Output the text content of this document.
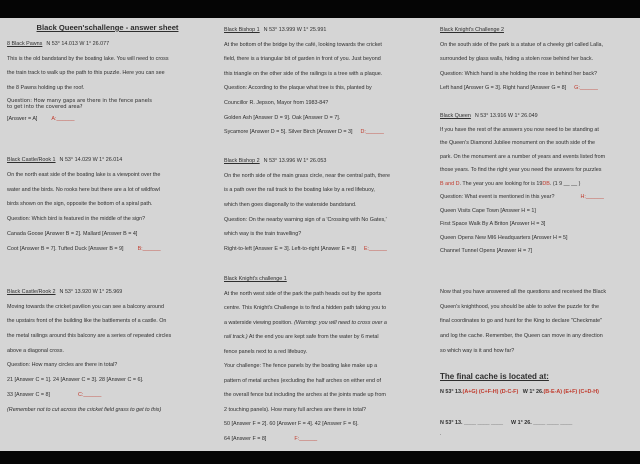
Black Queen'schallenge - answer sheet
8 Black Pawns N 53° 14.013 W 1° 26.077
This is the old bandstand by the boating lake. You will need to cross
the train track to walk up the path to this puzzle. Here you can see
the 8 Pawns holding up the roof.
Question: How many gaps are there in the fence panels
to get into the covered area?
[Answer = A]	A:______
Black Castle/Rook 1 N 53° 14.029 W 1° 26.014
On the north east side of the boating lake is a viewpoint over the
water and the birds. No rooks here but there are a lot of wildfowl
birds shown on the sign, opposite the bottom of a spiral path.
Question: Which bird is featured in the middle of the sign?
Canada Goose [Answer B = 2]. Mallard [Answer B = 4]
Coot [Answer B = 7]. Tufted Duck [Answer B = 9]	B:______
Black Castle/Rook 2 N 53° 13.920 W 1° 25.969
Moving towards the cricket pavilion you can see a balcony around
the upstairs front of the building like the battlements of a castle. On
the metal railings around this balcony are a series of repeated circles
above a diagonal cross.
Question: How many circles are there in total?
21 [Answer C = 1]. 24 [Answer C = 3]. 28 [Answer C = 6].
33 [Answer C = 8]	C:______
(Remember not to cut across the cricket field grass to get to this)
Black Bishop 1 N 53° 13.999 W 1° 25.991
At the bottom of the bridge by the café, looking towards the cricket
field, there is a triangular bit of garden in front of you. Just beyond
this triangle on the other side of the railings is a tree with a plaque.
Question: According to the plaque what tree is this, planted by
Councillor R. Jepson, Mayor from 1983-84?
Golden Ash [Answer D = 9]. Oak [Answer D = 7].
Sycamore [Answer D = 5]. Silver Birch [Answer D = 3] D:______
Black Bishop 2 N 53° 13.996 W 1° 26.053
On the north side of the main grass circle, near the central path, there
is a path over the rail track to the boating lake by a red lifebuoy,
which then goes diagonally to the waterside bandstand.
Question: On the nearby warning sign of a 'Crossing with No Gates,'
which way is the train travelling?
Right-to-left [Answer E = 3]. Left-to-right [Answer E = 8] E:______
Black Knight's challenge 1
At the north west side of the park the path heads out by the sports
centre. This Knight's Challenge is to find a hidden path taking you to
a waterside viewing position. (Warning: you will need to cross over a
rail track.) At the end you are kept safe from the water by 6 metal
fence panels next to a red lifebuoy.
Your challenge: The fence panels by the boating lake make up a
pattern of metal arches (excluding the half arches on either end of
the overall fence but including the arches at the joints made up from
2 touching panels). How many full arches are there in total?
50 [Answer F = 2]. 60 [Answer F = 4]. 42 [Answer F = 6].
64 [Answer F = 8]	F:______
Black Knight's Challenge 2
On the south side of the park is a statue of a cheeky girl called Lalla,
surrounded by glass walls, hiding a stolen rose behind her back.
Question: Which hand is she holding the rose in behind her back?
Left hand [Answer G = 3]. Right hand [Answer G = 8] G:______
Black Queen N 53° 13.916 W 1° 26.049
If you have the rest of the answers you now need to be standing at
the Queen's Diamond Jubilee monument on the south side of the
park. On the monument are a number of years and events listed from
those years. To find the right year you need the answers for puzzles
B and D. The year you are looking for is 19DB. (1 9 __ __ )
Question: What event is mentioned in this year?	H:______
Queen Visits Cape Town [Answer H = 1]
First Space Walk By A Briton [Answer H = 3]
Queen Opens New MI6 Headquarters [Answer H = 5]
Channel Tunnel Opens [Answer H = 7]
Now that you have answered all the questions and received the Black
Queen's knighthood, you should be able to solve the puzzle for the
final coordinates to go and hunt for the King to declare "Checkmate"
and log the cache. Remember, the Queen can move in any direction
so which way is it and how far?
The final cache is located at:
N 53° 13.(A+G) (C+F-H) (D-C-F) W 1° 26.(B-E-A) (E+F) (C+D-H)
N 53° 13. ____ ____ ____ W 1° 26. ____ ____ ____
.
